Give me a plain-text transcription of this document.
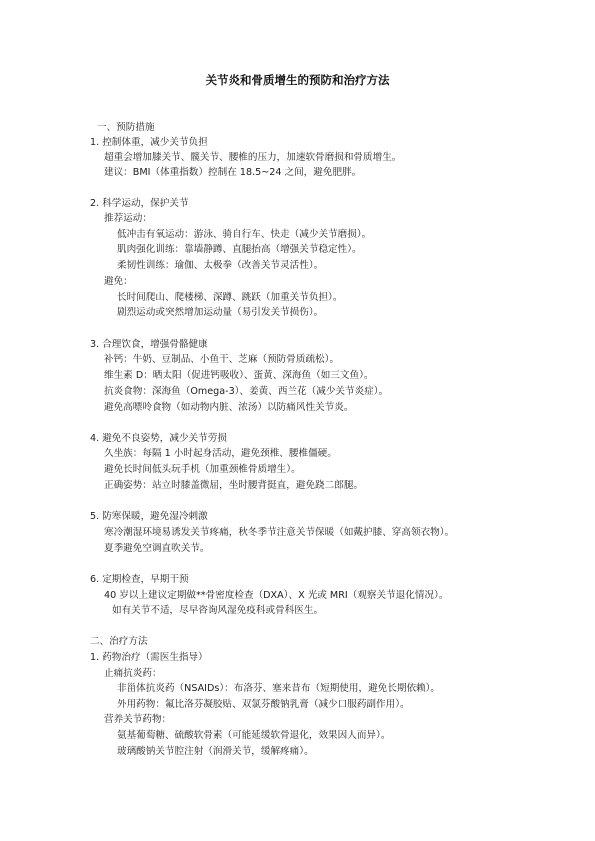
关节炎和骨质增生的预防和治疗方法
一、预防措施
1. 控制体重，减少关节负担
超重会增加膝关节、髋关节、腰椎的压力，加速软骨磨损和骨质增生。
建议：BMI（体重指数）控制在 18.5~24 之间，避免肥胖。
2. 科学运动，保护关节
推荐运动：
低冲击有氧运动：游泳、骑自行车、快走（减少关节磨损）。
肌肉强化训练：靠墙静蹲、直腿抬高（增强关节稳定性）。
柔韧性训练：瑜伽、太极拳（改善关节灵活性）。
避免：
长时间爬山、爬楼梯、深蹲、跳跃（加重关节负担）。
剧烈运动或突然增加运动量（易引发关节损伤）。
3. 合理饮食，增强骨骼健康
补钙：牛奶、豆制品、小鱼干、芝麻（预防骨质疏松）。
维生素 D：晒太阳（促进钙吸收）、蛋黄、深海鱼（如三文鱼）。
抗炎食物：深海鱼（Omega-3）、姜黄、西兰花（减少关节炎症）。
避免高嘌呤食物（如动物内脏、浓汤）以防痛风性关节炎。
4. 避免不良姿势，减少关节劳损
久坐族：每隔 1 小时起身活动，避免颈椎、腰椎僵硬。
避免长时间低头玩手机（加重颈椎骨质增生）。
正确姿势：站立时膝盖微屈，坐时腰背挺直，避免跷二郎腿。
5. 防寒保暖，避免湿冷刺激
寒冷潮湿环境易诱发关节疼痛，秋冬季节注意关节保暖（如戴护膝、穿高领衣物）。
夏季避免空调直吹关节。
6. 定期检查，早期干预
40 岁以上建议定期做**骨密度检查（DXA）、X 光或 MRI（观察关节退化情况）。
如有关节不适，尽早咨询风湿免疫科或骨科医生。
二、治疗方法
1. 药物治疗（需医生指导）
止痛抗炎药：
非甾体抗炎药（NSAIDs）：布洛芬、塞来昔布（短期使用，避免长期依赖）。
外用药物：氟比洛芬凝胶贴、双氯芬酸钠乳膏（减少口服药副作用）。
营养关节药物：
氨基葡萄糖、硫酸软骨素（可能延缓软骨退化，效果因人而异）。
玻璃酸钠关节腔注射（润滑关节，缓解疼痛）。
